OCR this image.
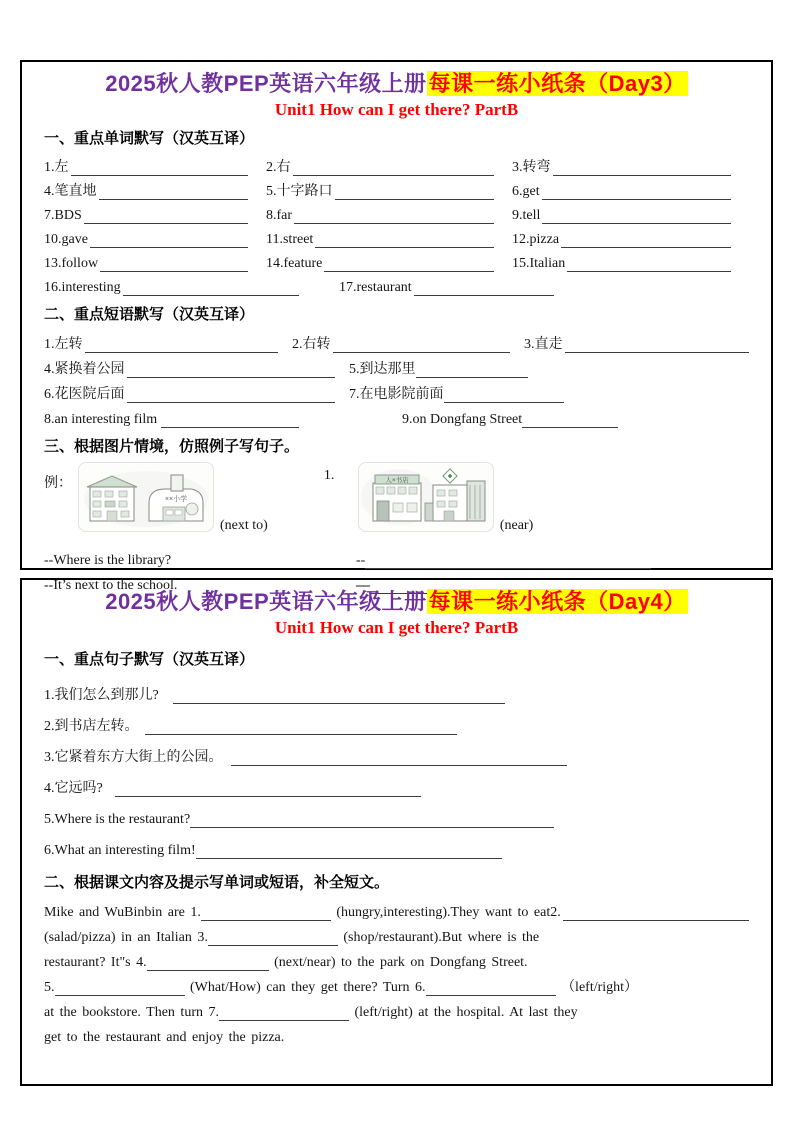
2025秋人教PEP英语六年级上册每课一练小纸条（Day3）
Unit1 How can I get there? PartB
一、重点单词默写（汉英互译）
1.左	2.右	3.转弯
4.笔直地	5.十字路口	6.get
7.BDS	8.far	9.tell
10.gave	11.street	12.pizza
13.follow	14.feature	15.Italian
16.interesting	17.restaurant
二、重点短语默写（汉英互译）
1.左转	2.右转	3.直走
4.紧换着公园	5.到达那里
6.花医院后面	7.在电影院前面
8.an interesting film	9.on Dongfang Street
三、根据图片情境，仿照例子写句子。
例：
××小学
(next to)
1.	人×书店
(near)
--Where is the library?	--
--It’s next to the school.	—
2025秋人教PEP英语六年级上册每课一练小纸条（Day4）
Unit1 How can I get there? PartB
一、重点句子默写（汉英互译）
1.我们怎么到那儿?
2.到书店左转。
3.它紧着东方大街上的公园。
4.它远吗?
5.Where is the restaurant?
6.What an interesting film!
二、根据课文内容及提示写单词或短语，补全短文。
Mike and WuBinbin are 1.	(hungry,interesting).They want to eat2.
(salad/pizza) in an Italian 3.	(shop/restaurant).But where is the
restaurant? It"s 4.	(next/near) to the park on Dongfang Street.
5.	(What/How) can they get there? Turn 6.	（left/right）
at the bookstore. Then turn 7.	(left/right) at the hospital. At last they
get to the restaurant and enjoy the pizza.
